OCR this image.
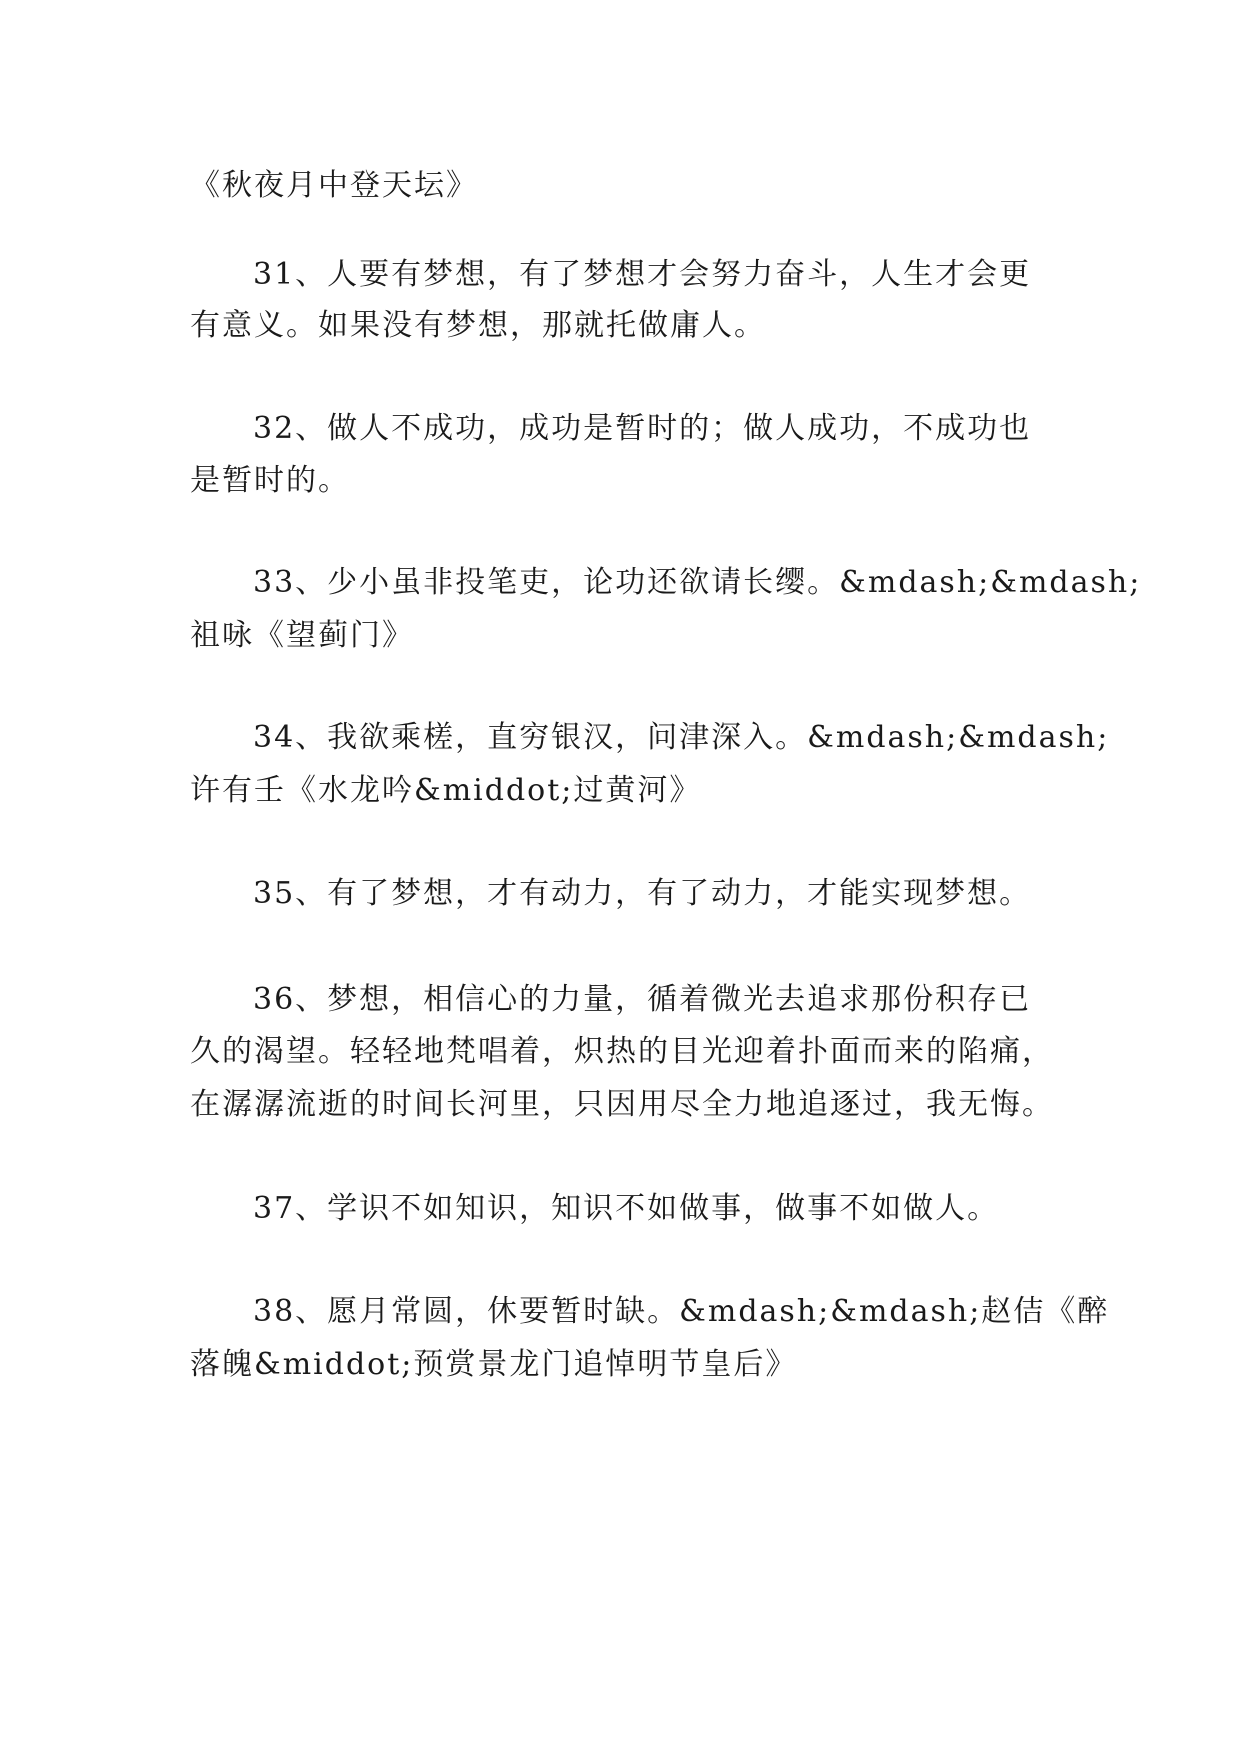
《秋夜月中登天坛》
31、人要有梦想，有了梦想才会努力奋斗，人生才会更
有意义。如果没有梦想，那就托做庸人。
32、做人不成功，成功是暂时的；做人成功，不成功也
是暂时的。
33、少小虽非投笔吏，论功还欲请长缨。&mdash;&mdash;
祖咏《望蓟门》
34、我欲乘槎，直穷银汉，问津深入。&mdash;&mdash;
许有壬《水龙吟&middot;过黄河》
35、有了梦想，才有动力，有了动力，才能实现梦想。
36、梦想，相信心的力量，循着微光去追求那份积存已
久的渴望。轻轻地梵唱着，炽热的目光迎着扑面而来的陷痛，
在潺潺流逝的时间长河里，只因用尽全力地追逐过，我无悔。
37、学识不如知识，知识不如做事，做事不如做人。
38、愿月常圆，休要暂时缺。&mdash;&mdash;赵佶《醉
落魄&middot;预赏景龙门追悼明节皇后》
